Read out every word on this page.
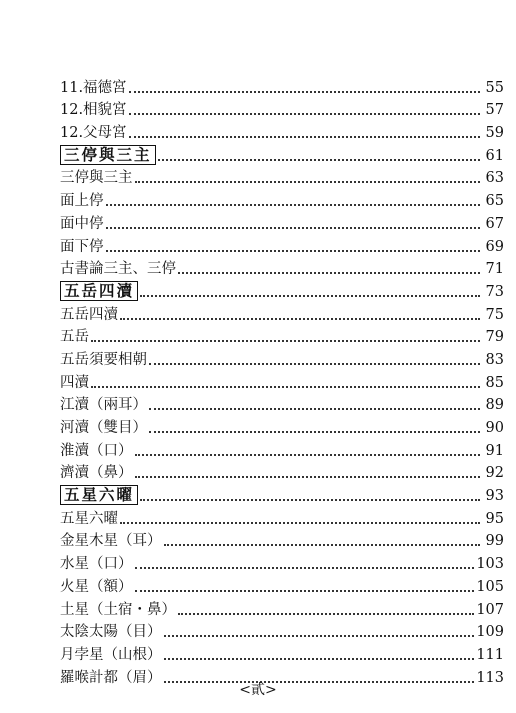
11.福德宮	55
12.相貌宮	57
12.父母宮	59
三停與三主	61
三停與三主	63
面上停	65
面中停	67
面下停	69
古書論三主、三停	71
五岳四瀆	73
五岳四瀆	75
五岳	79
五岳須要相朝	83
四瀆	85
江瀆（兩耳）	89
河瀆（雙目）	90
淮瀆（口）	91
濟瀆（鼻）	92
五星六曜	93
五星六曜	95
金星木星（耳）	99
水星（口）	103
火星（額）	105
土星（土宿・鼻）	107
太陰太陽（目）	109
月孛星（山根）	111
羅喉計都（眉）	113
<貳>
